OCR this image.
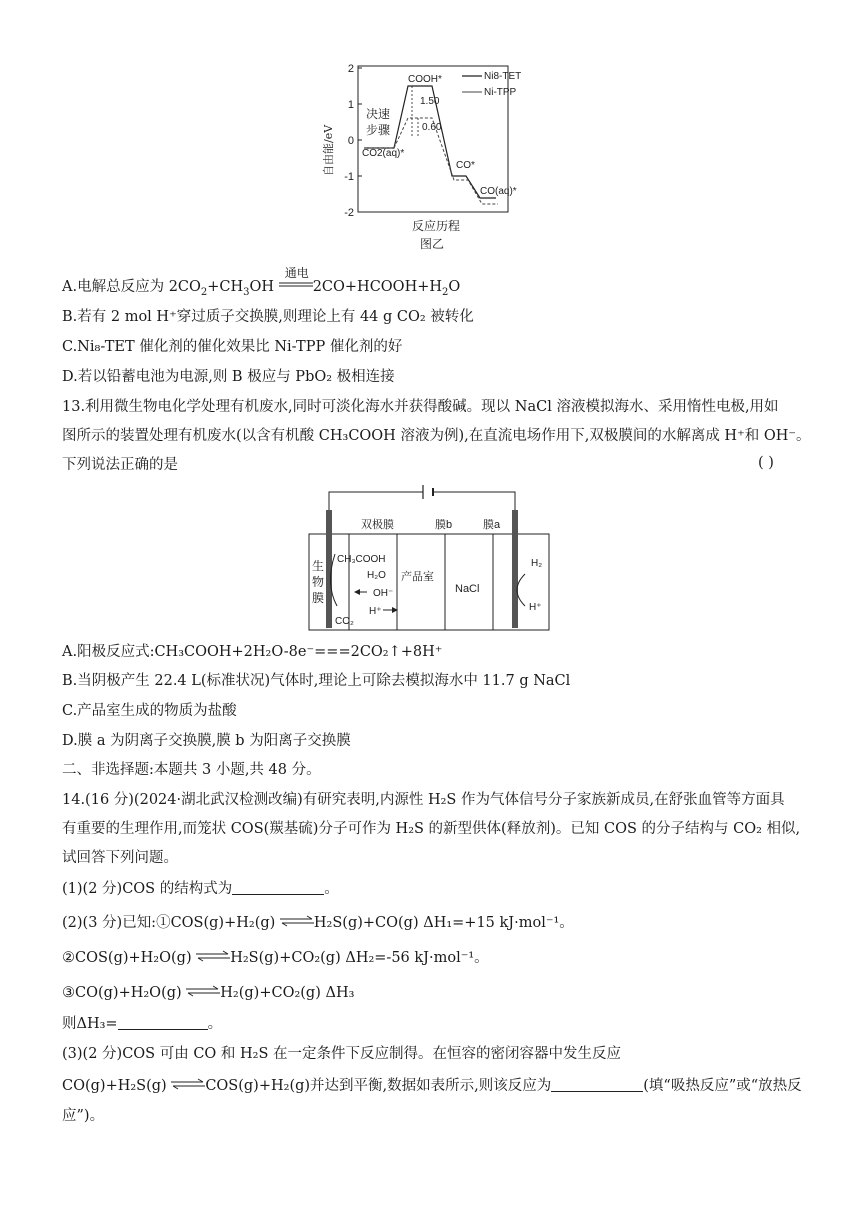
2
1
0
-1
-2
自由能/eV
COOH*
1.50
0.60
决速
步骤
CO2(aq)*
CO*
CO(aq)*
Ni8-TET
Ni-TPP
反应历程
图乙
A.电解总反应为 $2CO_2+CH_3OH$
通电
$2CO+HCOOH+H_2O$
B.若有 2 mol H⁺穿过质子交换膜,则理论上有 44 g CO₂ 被转化
C.Ni₈-TET 催化剂的催化效果比 Ni-TPP 催化剂的好
D.若以铅蓄电池为电源,则 B 极应与 PbO₂ 极相连接
13.利用微生物电化学处理有机废水,同时可淡化海水并获得酸碱。现以 NaCl 溶液模拟海水、采用惰性电极,用如
图所示的装置处理有机废水(以含有机酸 CH₃COOH 溶液为例),在直流电场作用下,双极膜间的水解离成 H⁺和 OH⁻。
下列说法正确的是	( )
双极膜	膜b	膜a
CH₃COOH
H₂O
OH⁻
H⁺
CO₂
产品室
NaCl
H₂
H⁺
生物膜
A.阳极反应式:CH₃COOH+2H₂O-8e⁻===2CO₂↑+8H⁺
B.当阴极产生 22.4 L(标准状况)气体时,理论上可除去模拟海水中 11.7 g NaCl
C.产品室生成的物质为盐酸
D.膜 a 为阴离子交换膜,膜 b 为阳离子交换膜
二、非选择题:本题共 3 小题,共 48 分。
14.(16 分)(2024·湖北武汉检测改编)有研究表明,内源性 H₂S 作为气体信号分子家族新成员,在舒张血管等方面具
有重要的生理作用,而笼状 COS(羰基硫)分子可作为 H₂S 的新型供体(释放剂)。已知 COS 的分子结构与 CO₂ 相似,
试回答下列问题。
(1)(2 分)COS 的结构式为	。
(2)(3 分)已知:①COS(g)+H₂(g) ⇌H₂S(g)+CO(g) ΔH₁=+15 kJ·mol⁻¹。
②COS(g)+H₂O(g) ⇌H₂S(g)+CO₂(g) ΔH₂=-56 kJ·mol⁻¹。
③CO(g)+H₂O(g) ⇌H₂(g)+CO₂(g) ΔH₃
则ΔH₃=	。
(3)(2 分)COS 可由 CO 和 H₂S 在一定条件下反应制得。在恒容的密闭容器中发生反应
CO(g)+H₂S(g) ⇌COS(g)+H₂(g)并达到平衡,数据如表所示,则该反应为	(填“吸热反应”或“放热反
应”)。
